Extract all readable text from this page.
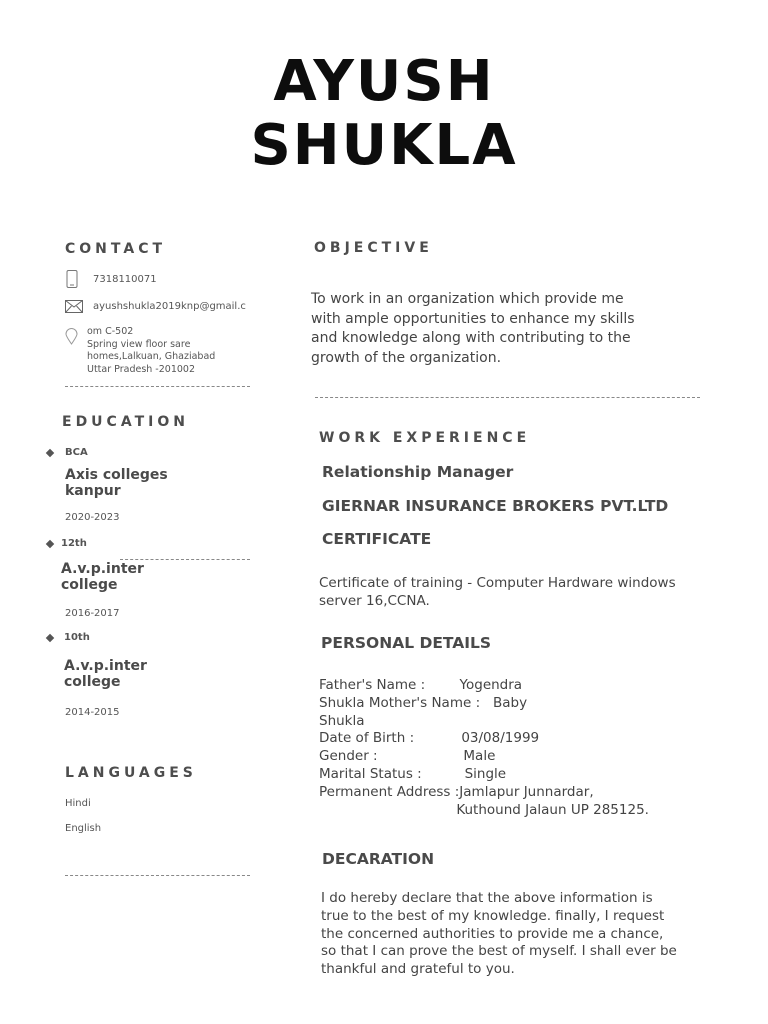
AYUSH
SHUKLA
CONTACT
7318110071
ayushshukla2019knp@gmail.c
om C-502
Spring view floor sare
homes,Lalkuan, Ghaziabad
Uttar Pradesh -201002
EDUCATION
BCA
Axis colleges
kanpur
2020-2023
12th
A.v.p.inter
college
2016-2017
10th
A.v.p.inter
college
2014-2015
LANGUAGES
Hindi
English
OBJECTIVE
To work in an organization which provide me
with ample opportunities to enhance my skills
and knowledge along with contributing to the
growth of the organization.
WORK EXPERIENCE
Relationship Manager
GIERNAR INSURANCE BROKERS PVT.LTD
CERTIFICATE
Certificate of training - Computer Hardware windows
server 16,CCNA.
PERSONAL DETAILS
Father's Name :        Yogendra
Shukla Mother's Name :   Baby
Shukla
Date of Birth :           03/08/1999
Gender :                    Male
Marital Status :          Single
Permanent Address :Jamlapur Junnardar,
Kuthound Jalaun UP 285125.
DECARATION
I do hereby declare that the above information is
true to the best of my knowledge. finally, I request
the concerned authorities to provide me a chance,
so that I can prove the best of myself. I shall ever be
thankful and grateful to you.
